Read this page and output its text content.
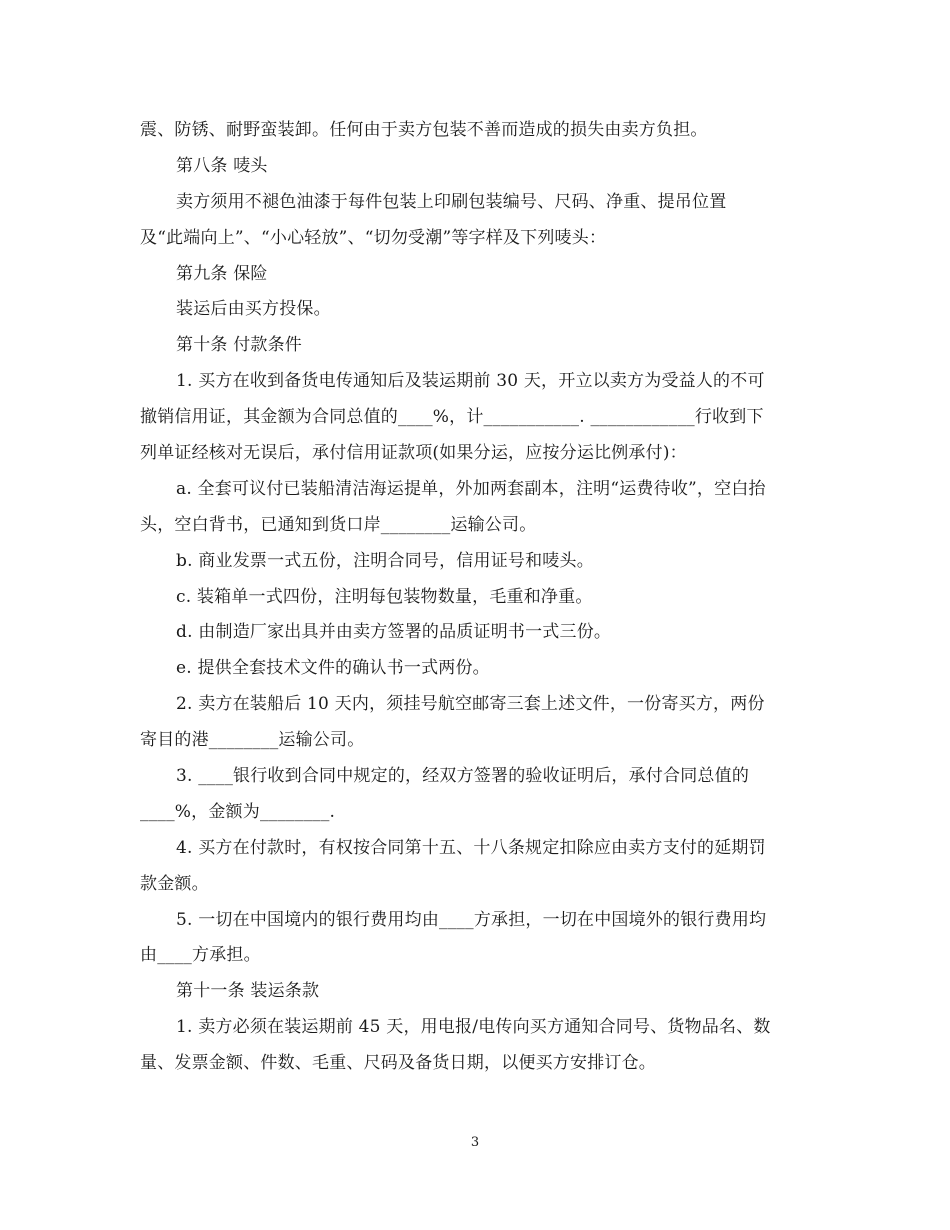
震、防锈、耐野蛮装卸。任何由于卖方包装不善而造成的损失由卖方负担。
第八条 唛头
卖方须用不褪色油漆于每件包装上印刷包装编号、尺码、净重、提吊位置
及“此端向上”、“小心轻放”、“切勿受潮”等字样及下列唛头：
第九条 保险
装运后由买方投保。
第十条 付款条件
1. 买方在收到备货电传通知后及装运期前 30 天，开立以卖方为受益人的不可
撤销信用证，其金额为合同总值的____%，计___________. ____________行收到下
列单证经核对无误后，承付信用证款项(如果分运，应按分运比例承付)：
a. 全套可议付已装船清洁海运提单，外加两套副本，注明“运费待收”，空白抬
头，空白背书，已通知到货口岸________运输公司。
b. 商业发票一式五份，注明合同号，信用证号和唛头。
c. 装箱单一式四份，注明每包装物数量，毛重和净重。
d. 由制造厂家出具并由卖方签署的品质证明书一式三份。
e. 提供全套技术文件的确认书一式两份。
2. 卖方在装船后 10 天内，须挂号航空邮寄三套上述文件，一份寄买方，两份
寄目的港________运输公司。
3. ____银行收到合同中规定的，经双方签署的验收证明后，承付合同总值的
____%，金额为________.
4. 买方在付款时，有权按合同第十五、十八条规定扣除应由卖方支付的延期罚
款金额。
5. 一切在中国境内的银行费用均由____方承担，一切在中国境外的银行费用均
由____方承担。
第十一条 装运条款
1. 卖方必须在装运期前 45 天，用电报/电传向买方通知合同号、货物品名、数
量、发票金额、件数、毛重、尺码及备货日期，以便买方安排订仓。
3
